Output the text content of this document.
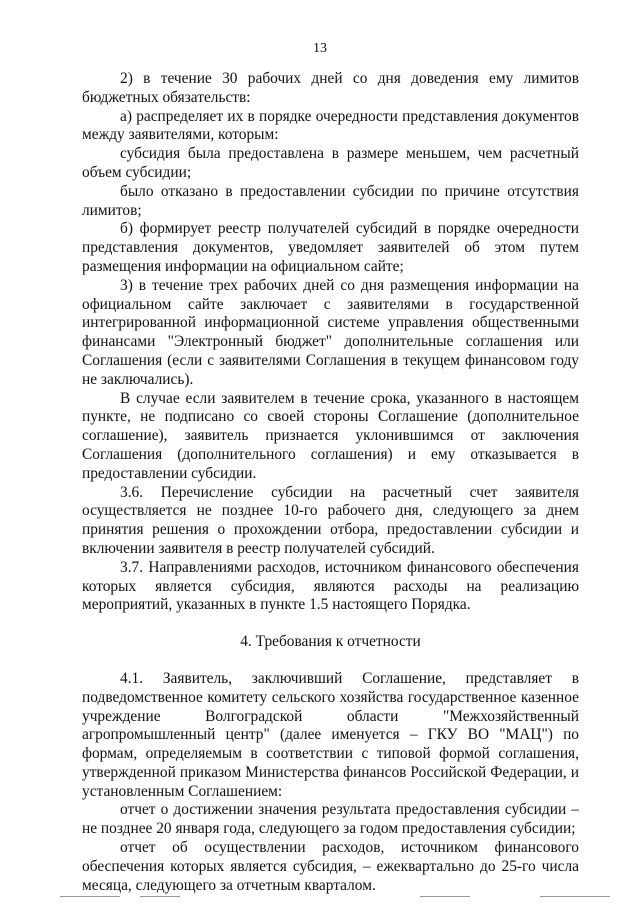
13

2) в течение 30 рабочих дней со дня доведения ему лимитов бюджетных обязательств:

а) распределяет их в порядке очередности представления документов между заявителями, которым:

субсидия была предоставлена в размере меньшем, чем расчетный объем субсидии;

было отказано в предоставлении субсидии по причине отсутствия лимитов;

б) формирует реестр получателей субсидий в порядке очередности представления документов, уведомляет заявителей об этом путем размещения информации на официальном сайте;

3) в течение трех рабочих дней со дня размещения информации на официальном сайте заключает с заявителями в государственной интегрированной информационной системе управления общественными финансами "Электронный бюджет" дополнительные соглашения или Соглашения (если с заявителями Соглашения в текущем финансовом году не заключались).

В случае если заявителем в течение срока, указанного в настоящем пункте, не подписано со своей стороны Соглашение (дополнительное соглашение), заявитель признается уклонившимся от заключения Соглашения (дополнительного соглашения) и ему отказывается в предоставлении субсидии.

3.6. Перечисление субсидии на расчетный счет заявителя осуществляется не позднее 10-го рабочего дня, следующего за днем принятия решения о прохождении отбора, предоставлении субсидии и включении заявителя в реестр получателей субсидий.

3.7. Направлениями расходов, источником финансового обеспечения которых является субсидия, являются расходы на реализацию мероприятий, указанных в пункте 1.5 настоящего Порядка.

4. Требования к отчетности

4.1. Заявитель, заключивший Соглашение, представляет в подведомственное комитету сельского хозяйства государственное казенное учреждение Волгоградской области "Межхозяйственный агропромышленный центр" (далее именуется – ГКУ ВО "МАЦ") по формам, определяемым в соответствии с типовой формой соглашения, утвержденной приказом Министерства финансов Российской Федерации, и установленным Соглашением:

отчет о достижении значения результата предоставления субсидии – не позднее 20 января года, следующего за годом предоставления субсидии;

отчет об осуществлении расходов, источником финансового обеспечения которых является субсидия, – ежеквартально до 25-го числа месяца, следующего за отчетным кварталом.
